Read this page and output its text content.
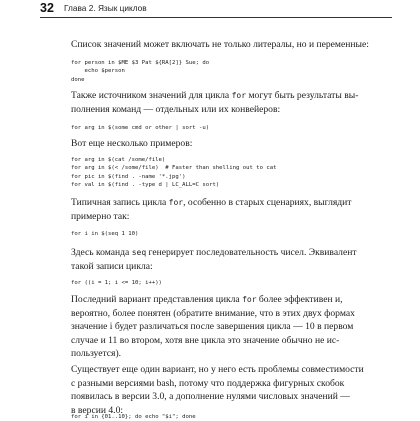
32 Глава 2. Язык циклов

Список значений может включать не только литералы, но и переменные:

for person in $ME $3 Pat ${RA[2]} Sue; do
echo $person
done

Также источником значений для цикла for могут быть результаты вы-
полнения команд — отдельных или их конвейеров:

for arg in $(some cmd or other | sort -u)

Вот еще несколько примеров:

for arg in $(cat /some/file)
for arg in $(< /some/file)  # Faster than shelling out to cat
for pic in $(find . -name '*.jpg')
for val in $(find . -type d | LC_ALL=C sort)

Типичная запись цикла for, особенно в старых сценариях, выглядит
примерно так:

for i in $(seq 1 10)

Здесь команда seq генерирует последовательность чисел. Эквивалент
такой записи цикла:

for ((i = 1; i <= 10; i++))

Последний вариант представления цикла for более эффективен и,
вероятно, более понятен (обратите внимание, что в этих двух формах
значение i будет различаться после завершения цикла — 10 в первом
случае и 11 во втором, хотя вне цикла это значение обычно не ис-
пользуется).

Существует еще один вариант, но у него есть проблемы совместимости
с разными версиями bash, потому что поддержка фигурных скобок
появилась в версии 3.0, а дополнение нулями числовых значений —
в версии 4.0:

for i in {01..10}; do echo "$i"; done
